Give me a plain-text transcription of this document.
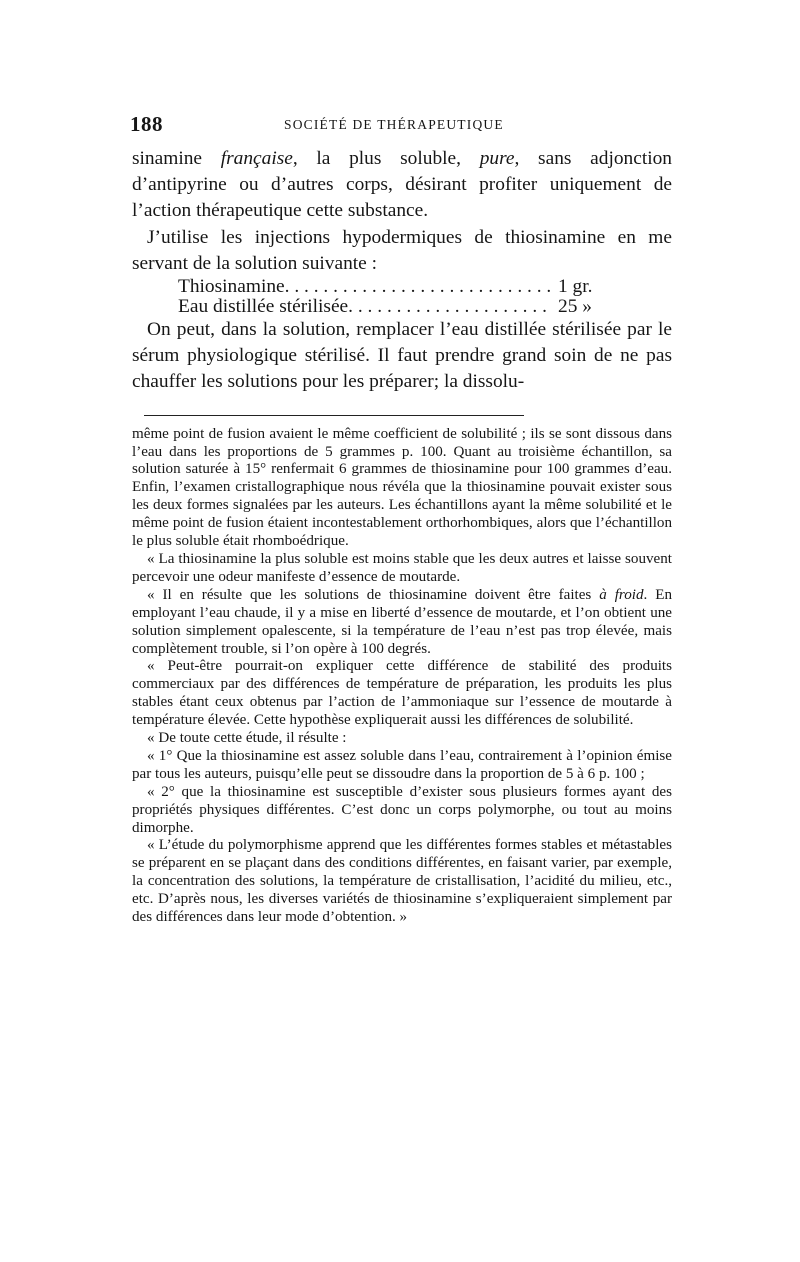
188	SOCIÉTÉ DE THÉRAPEUTIQUE

sinamine française, la plus soluble, pure, sans adjonction d’antipyrine ou d’autres corps, désirant profiter uniquement de l’action thérapeutique cette substance.

J’utilise les injections hypodermiques de thiosinamine en me servant de la solution suivante :

Thiosinamine . . .	1 gr.
Eau distillée stérilisée . . .	25 »

On peut, dans la solution, remplacer l’eau distillée stérilisée par le sérum physiologique stérilisé. Il faut prendre grand soin de ne pas chauffer les solutions pour les préparer; la dissolu-

même point de fusion avaient le même coefficient de solubilité ; ils se sont dissous dans l’eau dans les proportions de 5 grammes p. 100. Quant au troisième échantillon, sa solution saturée à 15° renfermait 6 grammes de thiosinamine pour 100 grammes d’eau. Enfin, l’examen cristallographique nous révéla que la thiosinamine pouvait exister sous les deux formes signalées par les auteurs. Les échantillons ayant la même solubilité et le même point de fusion étaient incontestablement orthorhombiques, alors que l’échantillon le plus soluble était rhomboédrique.

« La thiosinamine la plus soluble est moins stable que les deux autres et laisse souvent percevoir une odeur manifeste d’essence de moutarde.

« Il en résulte que les solutions de thiosinamine doivent être faites à froid. En employant l’eau chaude, il y a mise en liberté d’essence de moutarde, et l’on obtient une solution simplement opalescente, si la température de l’eau n’est pas trop élevée, mais complètement trouble, si l’on opère à 100 degrés.

« Peut-être pourrait-on expliquer cette différence de stabilité des produits commerciaux par des différences de température de préparation, les produits les plus stables étant ceux obtenus par l’action de l’ammoniaque sur l’essence de moutarde à température élevée. Cette hypothèse expliquerait aussi les différences de solubilité.

« De toute cette étude, il résulte :

« 1° Que la thiosinamine est assez soluble dans l’eau, contrairement à l’opinion émise par tous les auteurs, puisqu’elle peut se dissoudre dans la proportion de 5 à 6 p. 100 ;

« 2° que la thiosinamine est susceptible d’exister sous plusieurs formes ayant des propriétés physiques différentes. C’est donc un corps polymorphe, ou tout au moins dimorphe.

« L’étude du polymorphisme apprend que les différentes formes stables et métastables se préparent en se plaçant dans des conditions différentes, en faisant varier, par exemple, la concentration des solutions, la température de cristallisation, l’acidité du milieu, etc., etc. D’après nous, les diverses variétés de thiosinamine s’expliqueraient simplement par des différences dans leur mode d’obtention. »
